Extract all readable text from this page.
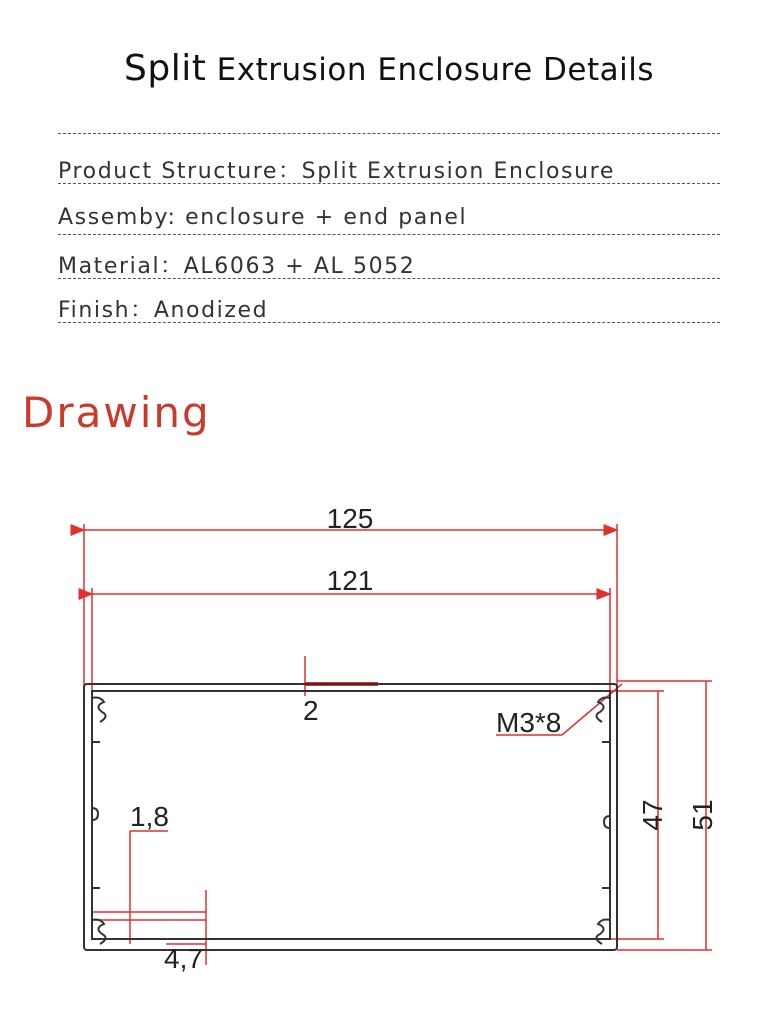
Split Extrusion Enclosure Details
Product Structure：Split Extrusion Enclosure
Assemby: enclosure + end panel
Material：AL6063 + AL 5052
Finish：Anodized
Drawing
125
121
2	M3*8
47 51
1,8
4,7
